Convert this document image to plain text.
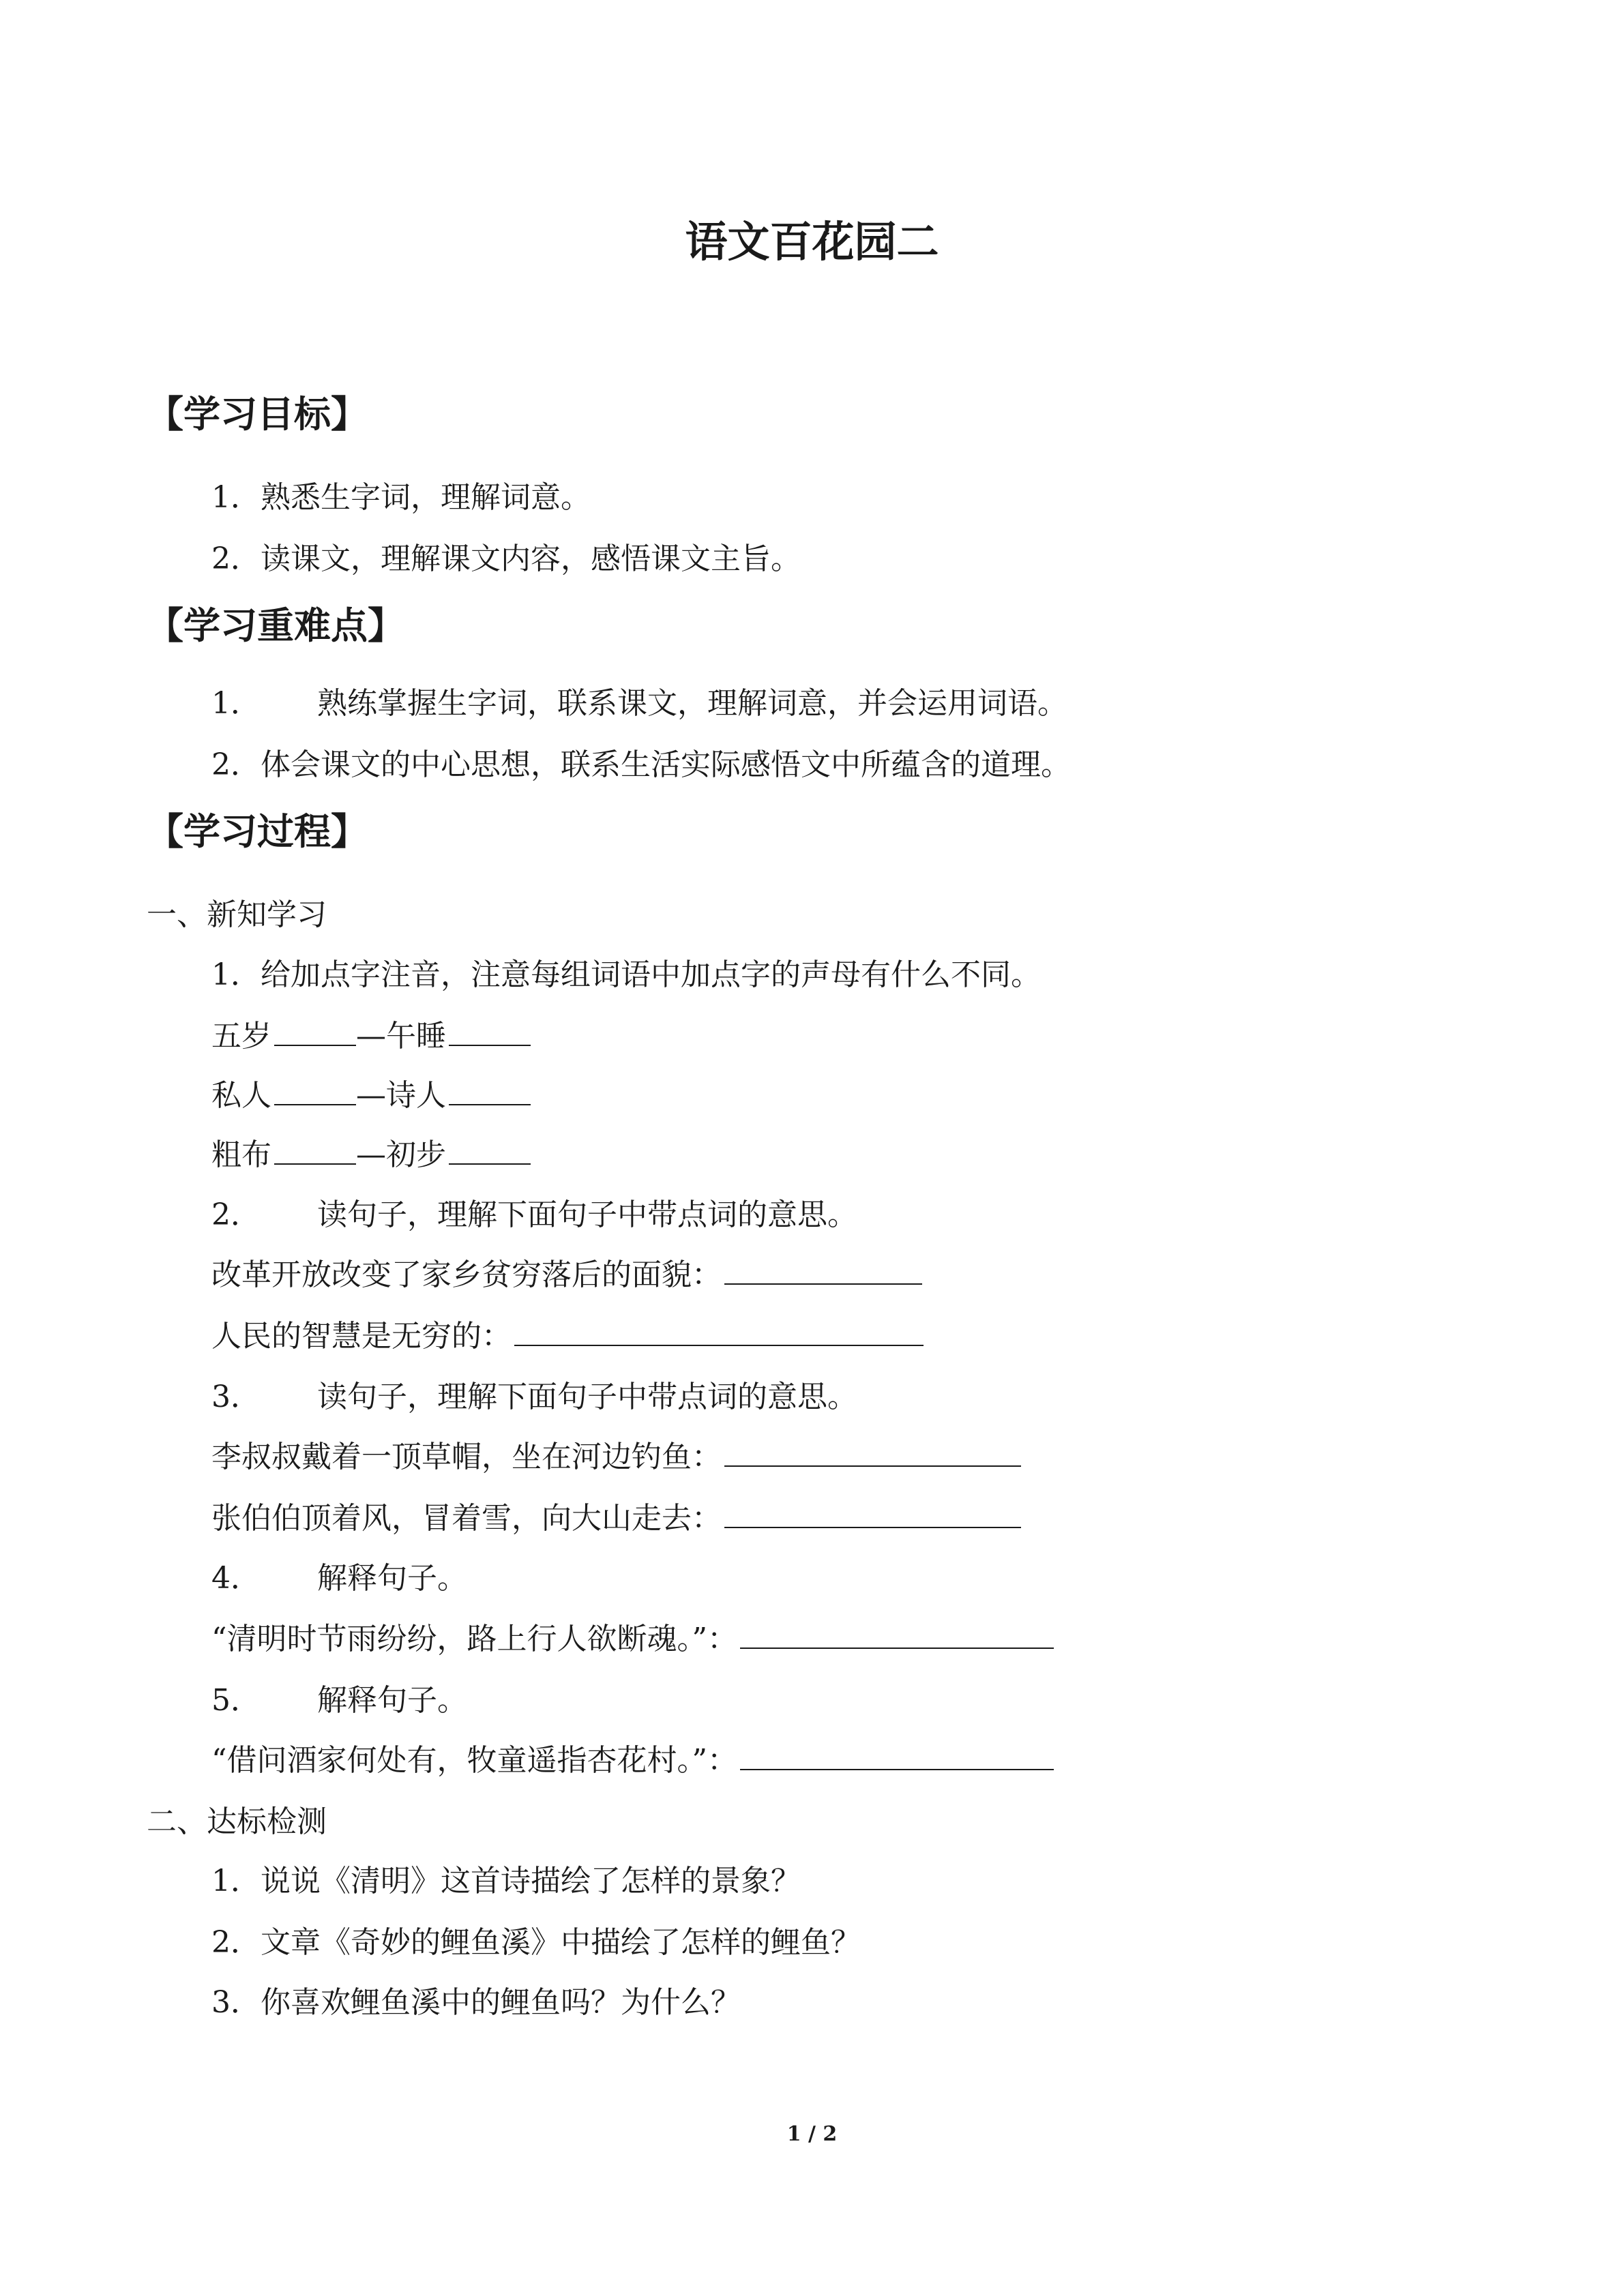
语文百花园二
【学习目标】
1．熟悉生字词，理解词意。
2．读课文，理解课文内容，感悟课文主旨。
【学习重难点】
1． 熟练掌握生字词，联系课文，理解词意，并会运用词语。
2．体会课文的中心思想，联系生活实际感悟文中所蕴含的道理。
【学习过程】
一、新知学习
1．给加点字注音，注意每组词语中加点字的声母有什么不同。
五岁	—午睡
私人	—诗人
粗布	—初步
2． 读句子，理解下面句子中带点词的意思。
改革开放改变了家乡贫穷落后的面貌：
人民的智慧是无穷的：
3． 读句子，理解下面句子中带点词的意思。
李叔叔戴着一顶草帽，坐在河边钓鱼：
张伯伯顶着风，冒着雪，向大山走去：
4． 解释句子。
“清明时节雨纷纷，路上行人欲断魂。”：
5． 解释句子。
“借问酒家何处有，牧童遥指杏花村。”：
二、达标检测
1．说说《清明》这首诗描绘了怎样的景象？
2．文章《奇妙的鲤鱼溪》中描绘了怎样的鲤鱼？
3．你喜欢鲤鱼溪中的鲤鱼吗？为什么？
1 / 2
